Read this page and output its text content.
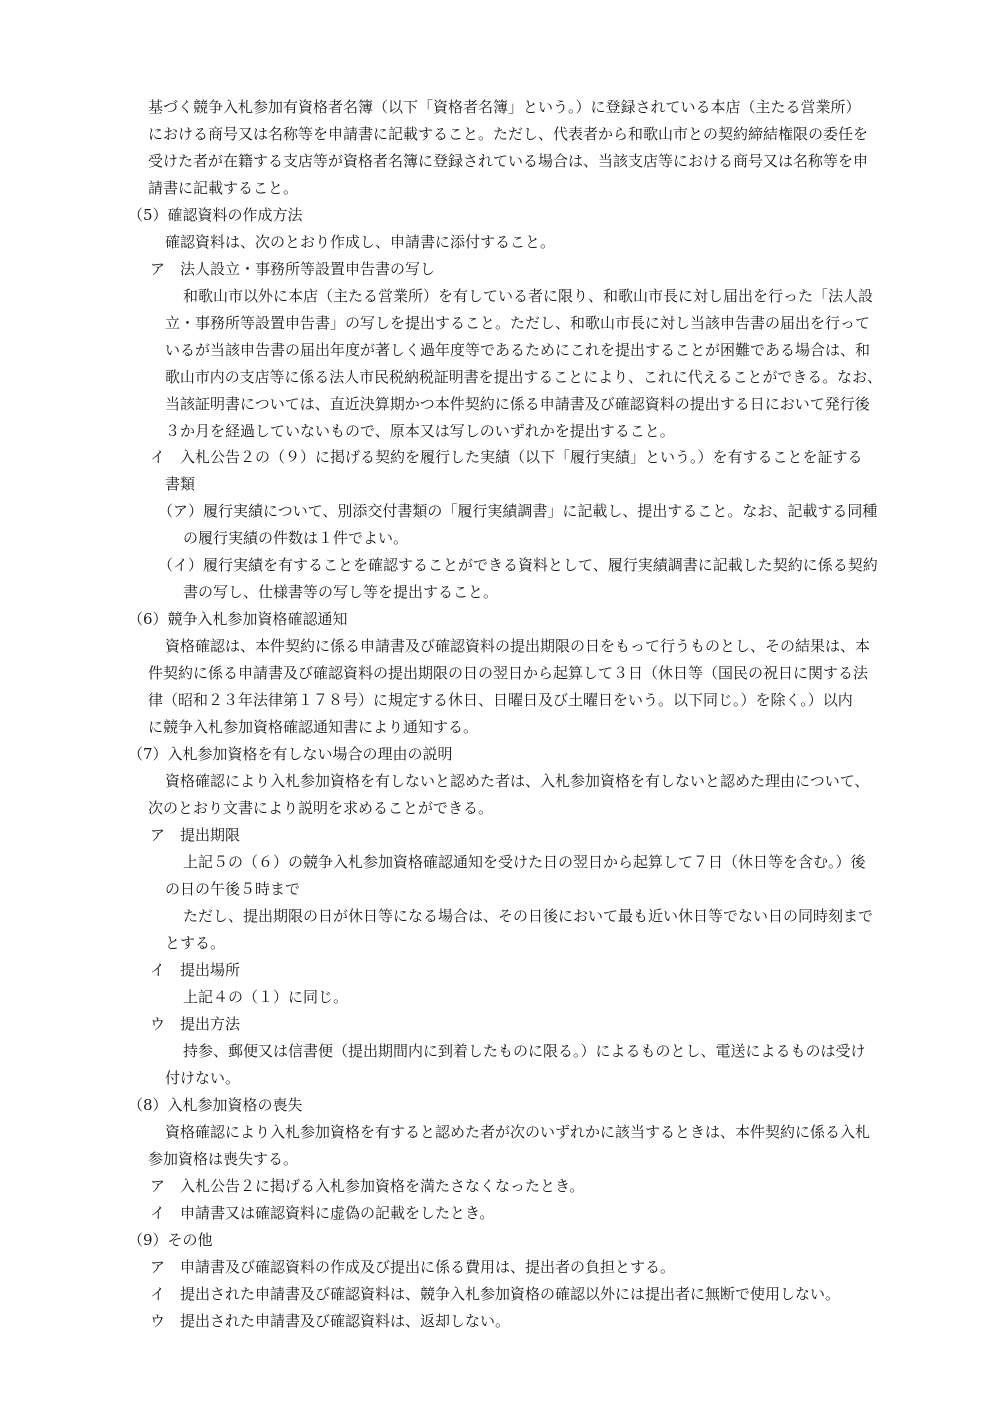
基づく競争入札参加有資格者名簿（以下「資格者名簿」という。）に登録されている本店（主たる営業所）
における商号又は名称等を申請書に記載すること。ただし、代表者から和歌山市との契約締結権限の委任を
受けた者が在籍する支店等が資格者名簿に登録されている場合は、当該支店等における商号又は名称等を申
請書に記載すること。
（5）確認資料の作成方法
確認資料は、次のとおり作成し、申請書に添付すること。
ア　法人設立・事務所等設置申告書の写し
和歌山市以外に本店（主たる営業所）を有している者に限り、和歌山市長に対し届出を行った「法人設
立・事務所等設置申告書」の写しを提出すること。ただし、和歌山市長に対し当該申告書の届出を行って
いるが当該申告書の届出年度が著しく過年度等であるためにこれを提出することが困難である場合は、和
歌山市内の支店等に係る法人市民税納税証明書を提出することにより、これに代えることができる。なお、
当該証明書については、直近決算期かつ本件契約に係る申請書及び確認資料の提出する日において発行後
３か月を経過していないもので、原本又は写しのいずれかを提出すること。
イ　入札公告２の（９）に掲げる契約を履行した実績（以下「履行実績」という。）を有することを証する
書類
（ア）履行実績について、別添交付書類の「履行実績調書」に記載し、提出すること。なお、記載する同種
の履行実績の件数は１件でよい。
（イ）履行実績を有することを確認することができる資料として、履行実績調書に記載した契約に係る契約
書の写し、仕様書等の写し等を提出すること。
（6）競争入札参加資格確認通知
資格確認は、本件契約に係る申請書及び確認資料の提出期限の日をもって行うものとし、その結果は、本
件契約に係る申請書及び確認資料の提出期限の日の翌日から起算して３日（休日等（国民の祝日に関する法
律（昭和２３年法律第１７８号）に規定する休日、日曜日及び土曜日をいう。以下同じ。）を除く。）以内
に競争入札参加資格確認通知書により通知する。
（7）入札参加資格を有しない場合の理由の説明
資格確認により入札参加資格を有しないと認めた者は、入札参加資格を有しないと認めた理由について、
次のとおり文書により説明を求めることができる。
ア　提出期限
上記５の（６）の競争入札参加資格確認通知を受けた日の翌日から起算して７日（休日等を含む。）後
の日の午後５時まで
ただし、提出期限の日が休日等になる場合は、その日後において最も近い休日等でない日の同時刻まで
とする。
イ　提出場所
上記４の（１）に同じ。
ウ　提出方法
持参、郵便又は信書便（提出期間内に到着したものに限る。）によるものとし、電送によるものは受け
付けない。
（8）入札参加資格の喪失
資格確認により入札参加資格を有すると認めた者が次のいずれかに該当するときは、本件契約に係る入札
参加資格は喪失する。
ア　入札公告２に掲げる入札参加資格を満たさなくなったとき。
イ　申請書又は確認資料に虚偽の記載をしたとき。
（9）その他
ア　申請書及び確認資料の作成及び提出に係る費用は、提出者の負担とする。
イ　提出された申請書及び確認資料は、競争入札参加資格の確認以外には提出者に無断で使用しない。
ウ　提出された申請書及び確認資料は、返却しない。
